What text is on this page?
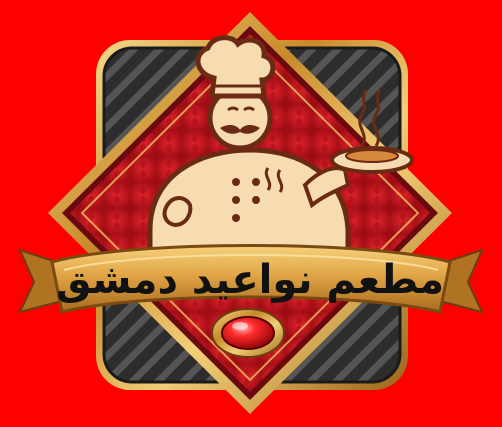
مطعم نواعيد دمشق
